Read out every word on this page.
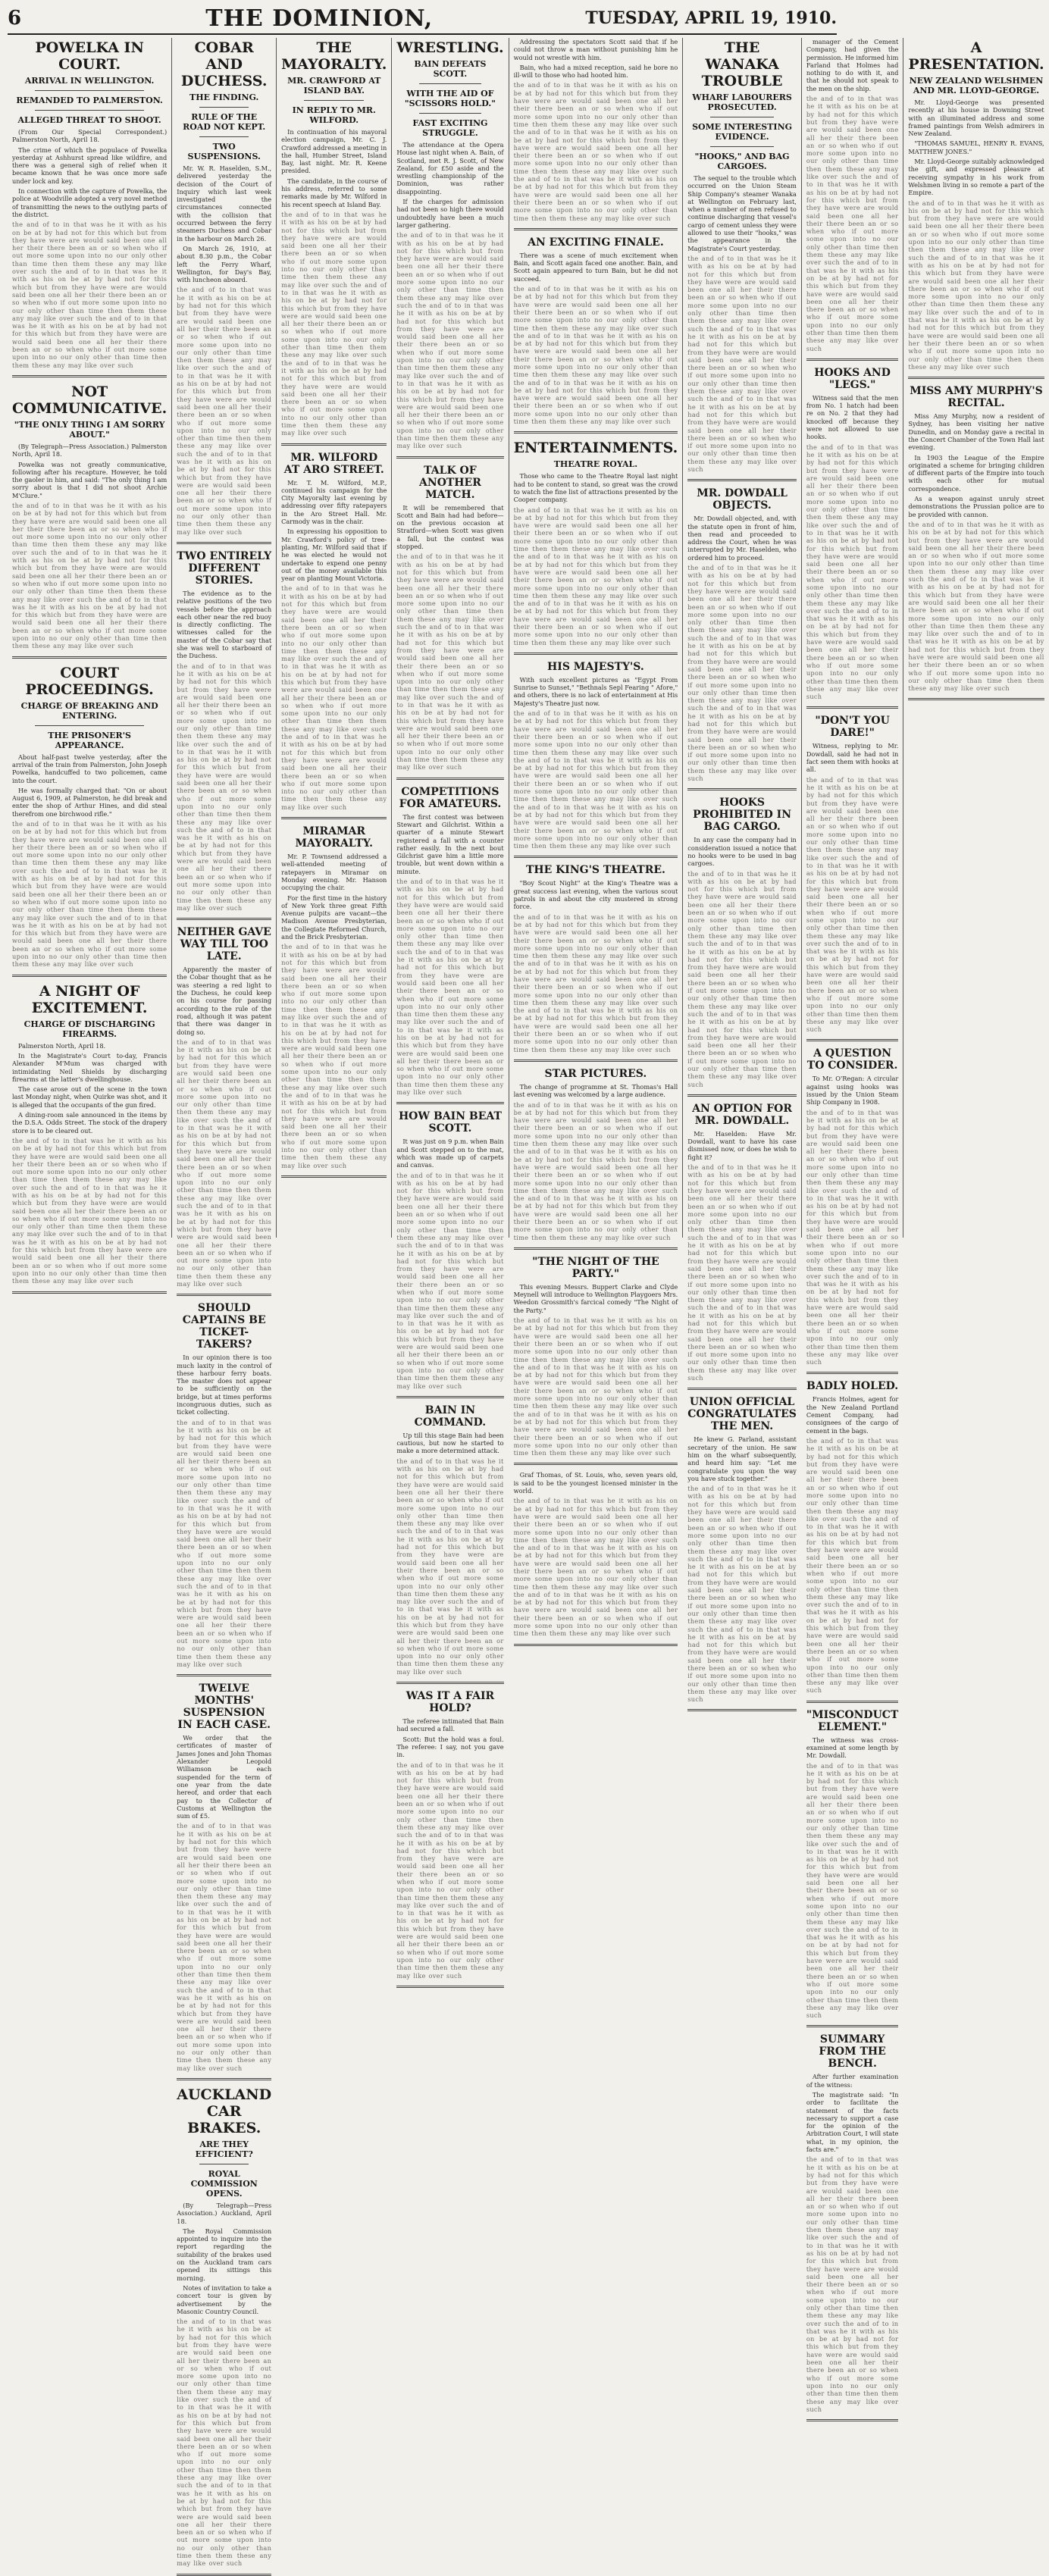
6	THE DOMINION,	TUESDAY, APRIL 19, 1910.
POWELKA IN COURT.
ARRIVAL IN WELLINGTON.
REMANDED TO PALMERSTON.
ALLEGED THREAT TO SHOOT.

(From Our Special Correspondent.) Palmerston North, April 18.

The crime of which the populace of Powelka yesterday at Ashhurst spread like wildfire, and there was a general sigh of relief when it became known that he was once more safe under lock and key.

In connection with the capture of Powelka, the police at Woodville adopted a very novel method of transmitting the news to the outlying parts of the district.

the and of to in that was he it with as his on be at by had not for this which but from they have were are would said been one all her their there been an or so when who if out more some upon into no our only other than time then them these any may like over such the and of to in that was he it with as his on be at by had not for this which but from they have were are would said been one all her their there been an or so when who if out more some upon into no our only other than time then them these any may like over such the and of to in that was he it with as his on be at by had not for this which but from they have were are would said been one all her their there been an or so when who if out more some upon into no our only other than time then them these any may like over such
NOT COMMUNICATIVE.
"THE ONLY THING I AM SORRY ABOUT."

(By Telegraph—Press Association.) Palmerston North, April 18.

Powelka was not greatly communicative, following after his recapture. However, he told the gaoler in him, and said: "The only thing I am sorry about is that I did not shoot Archie M'Clure."

the and of to in that was he it with as his on be at by had not for this which but from they have were are would said been one all her their there been an or so when who if out more some upon into no our only other than time then them these any may like over such the and of to in that was he it with as his on be at by had not for this which but from they have were are would said been one all her their there been an or so when who if out more some upon into no our only other than time then them these any may like over such the and of to in that was he it with as his on be at by had not for this which but from they have were are would said been one all her their there been an or so when who if out more some upon into no our only other than time then them these any may like over such
COURT PROCEEDINGS.
CHARGE OF BREAKING AND ENTERING.
THE PRISONER'S APPEARANCE.

About half-past twelve yesterday, after the arrival of the train from Palmerston, John Joseph Powelka, handcuffed to two policemen, came into the court.

He was formally charged that: "On or about August 6, 1909, at Palmerston, he did break and enter the shop of Arthur Hines, and did steal therefrom one birchwood rifle."

the and of to in that was he it with as his on be at by had not for this which but from they have were are would said been one all her their there been an or so when who if out more some upon into no our only other than time then them these any may like over such the and of to in that was he it with as his on be at by had not for this which but from they have were are would said been one all her their there been an or so when who if out more some upon into no our only other than time then them these any may like over such the and of to in that was he it with as his on be at by had not for this which but from they have were are would said been one all her their there been an or so when who if out more some upon into no our only other than time then them these any may like over such
A NIGHT OF EXCITEMENT.
CHARGE OF DISCHARGING FIREARMS.

Palmerston North, April 18.

In the Magistrate's Court to-day, Francis Alexander M'Mum was charged with intimidating Neil Shields by discharging firearms at the latter's dwellinghouse.

The case arose out of the scene in the town last Monday night, when Quirke was shot, and it is alleged that the occupants of the gun fired.

A dining-room sale announced in the items by the D.S.A. Odds Street. The stock of the drapery store is to be cleared out.

the and of to in that was he it with as his on be at by had not for this which but from they have were are would said been one all her their there been an or so when who if out more some upon into no our only other than time then them these any may like over such the and of to in that was he it with as his on be at by had not for this which but from they have were are would said been one all her their there been an or so when who if out more some upon into no our only other than time then them these any may like over such the and of to in that was he it with as his on be at by had not for this which but from they have were are would said been one all her their there been an or so when who if out more some upon into no our only other than time then them these any may like over such
COBAR AND DUCHESS.
THE FINDING.
RULE OF THE ROAD NOT KEPT.
TWO SUSPENSIONS.

Mr. W. R. Haselden, S.M., delivered yesterday the decision of the Court of Inquiry which last week investigated the circumstances connected with the collision that occurred between the ferry steamers Duchess and Cobar in the harbour on March 26.

On March 26, 1910, at about 8.30 p.m., the Cobar left the Ferry Wharf, Wellington, for Day's Bay, with luncheon aboard.

the and of to in that was he it with as his on be at by had not for this which but from they have were are would said been one all her their there been an or so when who if out more some upon into no our only other than time then them these any may like over such the and of to in that was he it with as his on be at by had not for this which but from they have were are would said been one all her their there been an or so when who if out more some upon into no our only other than time then them these any may like over such the and of to in that was he it with as his on be at by had not for this which but from they have were are would said been one all her their there been an or so when who if out more some upon into no our only other than time then them these any may like over such
TWO ENTIRELY DIFFERENT STORIES.

The evidence as to the relative positions of the two vessels before the approach each other near the red buoy is directly conflicting. The witnesses called for the master of the Cobar say that she was well to starboard of the Duchess.

the and of to in that was he it with as his on be at by had not for this which but from they have were are would said been one all her their there been an or so when who if out more some upon into no our only other than time then them these any may like over such the and of to in that was he it with as his on be at by had not for this which but from they have were are would said been one all her their there been an or so when who if out more some upon into no our only other than time then them these any may like over such the and of to in that was he it with as his on be at by had not for this which but from they have were are would said been one all her their there been an or so when who if out more some upon into no our only other than time then them these any may like over such
NEITHER GAVE WAY TILL TOO LATE.

Apparently the master of the Cobar thought that as he was steering a red light to the Duchess, he could keep on his course for passing according to the rule of the road, although it was patent that there was danger in doing so.

the and of to in that was he it with as his on be at by had not for this which but from they have were are would said been one all her their there been an or so when who if out more some upon into no our only other than time then them these any may like over such the and of to in that was he it with as his on be at by had not for this which but from they have were are would said been one all her their there been an or so when who if out more some upon into no our only other than time then them these any may like over such the and of to in that was he it with as his on be at by had not for this which but from they have were are would said been one all her their there been an or so when who if out more some upon into no our only other than time then them these any may like over such
SHOULD CAPTAINS BE TICKET-TAKERS?

In our opinion there is too much laxity in the control of these harbour ferry boats. The master does not appear to be sufficiently on the bridge, but at times performs incongruous duties, such as ticket collecting.

the and of to in that was he it with as his on be at by had not for this which but from they have were are would said been one all her their there been an or so when who if out more some upon into no our only other than time then them these any may like over such the and of to in that was he it with as his on be at by had not for this which but from they have were are would said been one all her their there been an or so when who if out more some upon into no our only other than time then them these any may like over such the and of to in that was he it with as his on be at by had not for this which but from they have were are would said been one all her their there been an or so when who if out more some upon into no our only other than time then them these any may like over such
TWELVE MONTHS' SUSPENSION IN EACH CASE.

We order that the certificates of master of James Jones and John Thomas Alexander Leopold Williamson be each suspended for the term of one year from the date hereof, and order that each pay to the Collector of Customs at Wellington the sum of £5.

the and of to in that was he it with as his on be at by had not for this which but from they have were are would said been one all her their there been an or so when who if out more some upon into no our only other than time then them these any may like over such the and of to in that was he it with as his on be at by had not for this which but from they have were are would said been one all her their there been an or so when who if out more some upon into no our only other than time then them these any may like over such the and of to in that was he it with as his on be at by had not for this which but from they have were are would said been one all her their there been an or so when who if out more some upon into no our only other than time then them these any may like over such
AUCKLAND CAR BRAKES.
ARE THEY EFFICIENT?
ROYAL COMMISSION OPENS.

(By Telegraph—Press Association.) Auckland, April 18.

The Royal Commission appointed to inquire into the report regarding the suitability of the brakes used on the Auckland tram cars opened its sittings this morning.

Notes of invitation to take a concert tour is given by advertisement by the Masonic Country Council.

the and of to in that was he it with as his on be at by had not for this which but from they have were are would said been one all her their there been an or so when who if out more some upon into no our only other than time then them these any may like over such the and of to in that was he it with as his on be at by had not for this which but from they have were are would said been one all her their there been an or so when who if out more some upon into no our only other than time then them these any may like over such the and of to in that was he it with as his on be at by had not for this which but from they have were are would said been one all her their there been an or so when who if out more some upon into no our only other than time then them these any may like over such
THE MAYORALTY.
MR. CRAWFORD AT ISLAND BAY.
IN REPLY TO MR. WILFORD.

In continuation of his mayoral election campaign, Mr. C. J. Crawford addressed a meeting in the hall, Humber Street, Island Bay, last night. Mr. R. Keene presided.

The candidate, in the course of his address, referred to some remarks made by Mr. Wilford in his recent speech at Island Bay.

the and of to in that was he it with as his on be at by had not for this which but from they have were are would said been one all her their there been an or so when who if out more some upon into no our only other than time then them these any may like over such the and of to in that was he it with as his on be at by had not for this which but from they have were are would said been one all her their there been an or so when who if out more some upon into no our only other than time then them these any may like over such the and of to in that was he it with as his on be at by had not for this which but from they have were are would said been one all her their there been an or so when who if out more some upon into no our only other than time then them these any may like over such
MR. WILFORD AT ARO STREET.

Mr. T. M. Wilford, M.P., continued his campaign for the City Mayoralty last evening by addressing over fifty ratepayers in the Aro Street Hall. Mr. Carmody was in the chair.

In expressing his opposition to Mr. Crawford's policy of tree-planting, Mr. Wilford said that if he was elected he would not undertake to expend one penny out of the money available this year on planting Mount Victoria.

the and of to in that was he it with as his on be at by had not for this which but from they have were are would said been one all her their there been an or so when who if out more some upon into no our only other than time then them these any may like over such the and of to in that was he it with as his on be at by had not for this which but from they have were are would said been one all her their there been an or so when who if out more some upon into no our only other than time then them these any may like over such the and of to in that was he it with as his on be at by had not for this which but from they have were are would said been one all her their there been an or so when who if out more some upon into no our only other than time then them these any may like over such
MIRAMAR MAYORALTY.

Mr. P. Townsend addressed a well-attended meeting of ratepayers in Miramar on Monday evening. Mr. Hanson occupying the chair.

For the first time in the history of New York three great Fifth Avenue pulpits are vacant—the Madison Avenue Presbyterian, the Collegiate Reformed Church, and the Brick Presbyterian.

the and of to in that was he it with as his on be at by had not for this which but from they have were are would said been one all her their there been an or so when who if out more some upon into no our only other than time then them these any may like over such the and of to in that was he it with as his on be at by had not for this which but from they have were are would said been one all her their there been an or so when who if out more some upon into no our only other than time then them these any may like over such the and of to in that was he it with as his on be at by had not for this which but from they have were are would said been one all her their there been an or so when who if out more some upon into no our only other than time then them these any may like over such
WRESTLING.
BAIN DEFEATS SCOTT.
WITH THE AID OF "SCISSORS HOLD."
FAST EXCITING STRUGGLE.

The attendance at the Opera House last night when A. Bain, of Scotland, met R. J. Scott, of New Zealand, for £50 aside and the wrestling championship of the Dominion, was rather disappointing.

If the charges for admission had not been so high there would undoubtedly have been a much larger gathering.

the and of to in that was he it with as his on be at by had not for this which but from they have were are would said been one all her their there been an or so when who if out more some upon into no our only other than time then them these any may like over such the and of to in that was he it with as his on be at by had not for this which but from they have were are would said been one all her their there been an or so when who if out more some upon into no our only other than time then them these any may like over such the and of to in that was he it with as his on be at by had not for this which but from they have were are would said been one all her their there been an or so when who if out more some upon into no our only other than time then them these any may like over such
TALK OF ANOTHER MATCH.

It will be remembered that Scott and Bain had had before—on the previous occasion at Stratford—when Scott was given a fall, but the contest was stopped.

the and of to in that was he it with as his on be at by had not for this which but from they have were are would said been one all her their there been an or so when who if out more some upon into no our only other than time then them these any may like over such the and of to in that was he it with as his on be at by had not for this which but from they have were are would said been one all her their there been an or so when who if out more some upon into no our only other than time then them these any may like over such the and of to in that was he it with as his on be at by had not for this which but from they have were are would said been one all her their there been an or so when who if out more some upon into no our only other than time then them these any may like over such
COMPETITIONS FOR AMATEURS.

The first contest was between Stewart and Gilchrist. Within a quarter of a minute Stewart registered a fall with a counter rather easily. In the next bout Gilchrist gave him a little more trouble, but went down within a minute.

the and of to in that was he it with as his on be at by had not for this which but from they have were are would said been one all her their there been an or so when who if out more some upon into no our only other than time then them these any may like over such the and of to in that was he it with as his on be at by had not for this which but from they have were are would said been one all her their there been an or so when who if out more some upon into no our only other than time then them these any may like over such the and of to in that was he it with as his on be at by had not for this which but from they have were are would said been one all her their there been an or so when who if out more some upon into no our only other than time then them these any may like over such
HOW BAIN BEAT SCOTT.

It was just on 9 p.m. when Bain and Scott stepped on to the mat, which was made up of carpets and canvas.

the and of to in that was he it with as his on be at by had not for this which but from they have were are would said been one all her their there been an or so when who if out more some upon into no our only other than time then them these any may like over such the and of to in that was he it with as his on be at by had not for this which but from they have were are would said been one all her their there been an or so when who if out more some upon into no our only other than time then them these any may like over such the and of to in that was he it with as his on be at by had not for this which but from they have were are would said been one all her their there been an or so when who if out more some upon into no our only other than time then them these any may like over such
BAIN IN COMMAND.

Up till this stage Bain had been cautious, but now he started to make a more determined attack.

the and of to in that was he it with as his on be at by had not for this which but from they have were are would said been one all her their there been an or so when who if out more some upon into no our only other than time then them these any may like over such the and of to in that was he it with as his on be at by had not for this which but from they have were are would said been one all her their there been an or so when who if out more some upon into no our only other than time then them these any may like over such the and of to in that was he it with as his on be at by had not for this which but from they have were are would said been one all her their there been an or so when who if out more some upon into no our only other than time then them these any may like over such
WAS IT A FAIR HOLD?

The referee intimated that Bain had secured a fall.

Scott: But the hold was a foul. The referee: I say, not you gave in.

the and of to in that was he it with as his on be at by had not for this which but from they have were are would said been one all her their there been an or so when who if out more some upon into no our only other than time then them these any may like over such the and of to in that was he it with as his on be at by had not for this which but from they have were are would said been one all her their there been an or so when who if out more some upon into no our only other than time then them these any may like over such the and of to in that was he it with as his on be at by had not for this which but from they have were are would said been one all her their there been an or so when who if out more some upon into no our only other than time then them these any may like over such

Addressing the spectators Scott said that if he could not throw a man without punishing him he would not wrestle with him.

Bain, who had a mixed reception, said he bore no ill-will to those who had hooted him.

the and of to in that was he it with as his on be at by had not for this which but from they have were are would said been one all her their there been an or so when who if out more some upon into no our only other than time then them these any may like over such the and of to in that was he it with as his on be at by had not for this which but from they have were are would said been one all her their there been an or so when who if out more some upon into no our only other than time then them these any may like over such the and of to in that was he it with as his on be at by had not for this which but from they have were are would said been one all her their there been an or so when who if out more some upon into no our only other than time then them these any may like over such
AN EXCITING FINALE.

There was a scene of much excitement when Bain, and Scott again faced one another. Bain, and Scott again appeared to turn Bain, but he did not succeed.

the and of to in that was he it with as his on be at by had not for this which but from they have were are would said been one all her their there been an or so when who if out more some upon into no our only other than time then them these any may like over such the and of to in that was he it with as his on be at by had not for this which but from they have were are would said been one all her their there been an or so when who if out more some upon into no our only other than time then them these any may like over such the and of to in that was he it with as his on be at by had not for this which but from they have were are would said been one all her their there been an or so when who if out more some upon into no our only other than time then them these any may like over such
ENTERTAINMENTS.
THEATRE ROYAL.

Those who came to the Theatre Royal last night had to be content to stand, so great was the crowd to watch the fine list of attractions presented by the Cooper company.

the and of to in that was he it with as his on be at by had not for this which but from they have were are would said been one all her their there been an or so when who if out more some upon into no our only other than time then them these any may like over such the and of to in that was he it with as his on be at by had not for this which but from they have were are would said been one all her their there been an or so when who if out more some upon into no our only other than time then them these any may like over such the and of to in that was he it with as his on be at by had not for this which but from they have were are would said been one all her their there been an or so when who if out more some upon into no our only other than time then them these any may like over such
HIS MAJESTY'S.

With such excellent pictures as "Egypt From Sunrise to Sunset," "Bethnals Sepl Fearing " Afore," and others, there is no lack of entertainment at His Majesty's Theatre just now.

the and of to in that was he it with as his on be at by had not for this which but from they have were are would said been one all her their there been an or so when who if out more some upon into no our only other than time then them these any may like over such the and of to in that was he it with as his on be at by had not for this which but from they have were are would said been one all her their there been an or so when who if out more some upon into no our only other than time then them these any may like over such the and of to in that was he it with as his on be at by had not for this which but from they have were are would said been one all her their there been an or so when who if out more some upon into no our only other than time then them these any may like over such
THE KING'S THEATRE.

"Boy Scout Night" at the King's Theatre was a great success last evening, when the various scout patrols in and about the city mustered in strong force.

the and of to in that was he it with as his on be at by had not for this which but from they have were are would said been one all her their there been an or so when who if out more some upon into no our only other than time then them these any may like over such the and of to in that was he it with as his on be at by had not for this which but from they have were are would said been one all her their there been an or so when who if out more some upon into no our only other than time then them these any may like over such the and of to in that was he it with as his on be at by had not for this which but from they have were are would said been one all her their there been an or so when who if out more some upon into no our only other than time then them these any may like over such
STAR PICTURES.

The change of programme at St. Thomas's Hall last evening was welcomed by a large audience.

the and of to in that was he it with as his on be at by had not for this which but from they have were are would said been one all her their there been an or so when who if out more some upon into no our only other than time then them these any may like over such the and of to in that was he it with as his on be at by had not for this which but from they have were are would said been one all her their there been an or so when who if out more some upon into no our only other than time then them these any may like over such the and of to in that was he it with as his on be at by had not for this which but from they have were are would said been one all her their there been an or so when who if out more some upon into no our only other than time then them these any may like over such
"THE NIGHT OF THE PARTY."

This evening Messrs. Buppert Clarke and Clyde Meynell will introduce to Wellington Playgoers Mrs. Weedon Grossmith's farcical comedy "The Night of the Party."

the and of to in that was he it with as his on be at by had not for this which but from they have were are would said been one all her their there been an or so when who if out more some upon into no our only other than time then them these any may like over such the and of to in that was he it with as his on be at by had not for this which but from they have were are would said been one all her their there been an or so when who if out more some upon into no our only other than time then them these any may like over such the and of to in that was he it with as his on be at by had not for this which but from they have were are would said been one all her their there been an or so when who if out more some upon into no our only other than time then them these any may like over such

Graf Thomas, of St. Louis, who, seven years old, is said to be the youngest licensed minister in the world.

the and of to in that was he it with as his on be at by had not for this which but from they have were are would said been one all her their there been an or so when who if out more some upon into no our only other than time then them these any may like over such the and of to in that was he it with as his on be at by had not for this which but from they have were are would said been one all her their there been an or so when who if out more some upon into no our only other than time then them these any may like over such the and of to in that was he it with as his on be at by had not for this which but from they have were are would said been one all her their there been an or so when who if out more some upon into no our only other than time then them these any may like over such
THE WANAKA TROUBLE
WHARF LABOURERS PROSECUTED.
SOME INTERESTING EVIDENCE.
"HOOKS," AND BAG CARGOES.

The sequel to the trouble which occurred on the Union Steam Ship Company's steamer Wanaka at Wellington on February last, when a number of men refused to continue discharging that vessel's cargo of cement unless they were allowed to use their "hooks," was the appearance in the Magistrate's Court yesterday.

the and of to in that was he it with as his on be at by had not for this which but from they have were are would said been one all her their there been an or so when who if out more some upon into no our only other than time then them these any may like over such the and of to in that was he it with as his on be at by had not for this which but from they have were are would said been one all her their there been an or so when who if out more some upon into no our only other than time then them these any may like over such the and of to in that was he it with as his on be at by had not for this which but from they have were are would said been one all her their there been an or so when who if out more some upon into no our only other than time then them these any may like over such
MR. DOWDALL OBJECTS.

Mr. Dowdall objected, and, with the statute open in front of him, then read and proceeded to address the Court, when he was interrupted by Mr. Haselden, who ordered him to proceed.

the and of to in that was he it with as his on be at by had not for this which but from they have were are would said been one all her their there been an or so when who if out more some upon into no our only other than time then them these any may like over such the and of to in that was he it with as his on be at by had not for this which but from they have were are would said been one all her their there been an or so when who if out more some upon into no our only other than time then them these any may like over such the and of to in that was he it with as his on be at by had not for this which but from they have were are would said been one all her their there been an or so when who if out more some upon into no our only other than time then them these any may like over such
HOOKS PROHIBITED IN BAG CARGO.

In any case the company had in consideration issued a notice that no hooks were to be used in bag cargoes.

the and of to in that was he it with as his on be at by had not for this which but from they have were are would said been one all her their there been an or so when who if out more some upon into no our only other than time then them these any may like over such the and of to in that was he it with as his on be at by had not for this which but from they have were are would said been one all her their there been an or so when who if out more some upon into no our only other than time then them these any may like over such the and of to in that was he it with as his on be at by had not for this which but from they have were are would said been one all her their there been an or so when who if out more some upon into no our only other than time then them these any may like over such
AN OPTION FOR MR. DOWDALL.

Mr. Haselden: Have Mr. Dowdall, want to have his case dismissed now, or does he wish to fight it?

the and of to in that was he it with as his on be at by had not for this which but from they have were are would said been one all her their there been an or so when who if out more some upon into no our only other than time then them these any may like over such the and of to in that was he it with as his on be at by had not for this which but from they have were are would said been one all her their there been an or so when who if out more some upon into no our only other than time then them these any may like over such the and of to in that was he it with as his on be at by had not for this which but from they have were are would said been one all her their there been an or so when who if out more some upon into no our only other than time then them these any may like over such
UNION OFFICIAL CONGRATULATES THE MEN.

He knew G. Parland, assistant secretary of the union. He saw him on the wharf subsequently, and heard him say: "Let me congratulate you upon the way you have stuck together."

the and of to in that was he it with as his on be at by had not for this which but from they have were are would said been one all her their there been an or so when who if out more some upon into no our only other than time then them these any may like over such the and of to in that was he it with as his on be at by had not for this which but from they have were are would said been one all her their there been an or so when who if out more some upon into no our only other than time then them these any may like over such the and of to in that was he it with as his on be at by had not for this which but from they have were are would said been one all her their there been an or so when who if out more some upon into no our only other than time then them these any may like over such

manager of the Cement Company, had given the permission. He informed him Farland that Holmes had nothing to do with it, and that he should not speak to the men on the ship.

the and of to in that was he it with as his on be at by had not for this which but from they have were are would said been one all her their there been an or so when who if out more some upon into no our only other than time then them these any may like over such the and of to in that was he it with as his on be at by had not for this which but from they have were are would said been one all her their there been an or so when who if out more some upon into no our only other than time then them these any may like over such the and of to in that was he it with as his on be at by had not for this which but from they have were are would said been one all her their there been an or so when who if out more some upon into no our only other than time then them these any may like over such
HOOKS AND "LEGS."

Witness said that the men from No. 1 hatch had been re on No. 2 that they had knocked off because they were not allowed to use hooks.

the and of to in that was he it with as his on be at by had not for this which but from they have were are would said been one all her their there been an or so when who if out more some upon into no our only other than time then them these any may like over such the and of to in that was he it with as his on be at by had not for this which but from they have were are would said been one all her their there been an or so when who if out more some upon into no our only other than time then them these any may like over such the and of to in that was he it with as his on be at by had not for this which but from they have were are would said been one all her their there been an or so when who if out more some upon into no our only other than time then them these any may like over such
"DON'T YOU DARE!"

Witness, replying to Mr. Dowdall, said he had not in fact seen them with hooks at all.

the and of to in that was he it with as his on be at by had not for this which but from they have were are would said been one all her their there been an or so when who if out more some upon into no our only other than time then them these any may like over such the and of to in that was he it with as his on be at by had not for this which but from they have were are would said been one all her their there been an or so when who if out more some upon into no our only other than time then them these any may like over such the and of to in that was he it with as his on be at by had not for this which but from they have were are would said been one all her their there been an or so when who if out more some upon into no our only other than time then them these any may like over such
A QUESTION TO CONSIDER.

To Mr. O'Regan: A circular against using hooks was issued by the Union Steam Ship Company in 1908.

the and of to in that was he it with as his on be at by had not for this which but from they have were are would said been one all her their there been an or so when who if out more some upon into no our only other than time then them these any may like over such the and of to in that was he it with as his on be at by had not for this which but from they have were are would said been one all her their there been an or so when who if out more some upon into no our only other than time then them these any may like over such the and of to in that was he it with as his on be at by had not for this which but from they have were are would said been one all her their there been an or so when who if out more some upon into no our only other than time then them these any may like over such
BADLY HOLED.

Francis Holmes, agent for the New Zealand Portland Cement Company, had consignees of the cargo of cement in the bags.

the and of to in that was he it with as his on be at by had not for this which but from they have were are would said been one all her their there been an or so when who if out more some upon into no our only other than time then them these any may like over such the and of to in that was he it with as his on be at by had not for this which but from they have were are would said been one all her their there been an or so when who if out more some upon into no our only other than time then them these any may like over such the and of to in that was he it with as his on be at by had not for this which but from they have were are would said been one all her their there been an or so when who if out more some upon into no our only other than time then them these any may like over such
"MISCONDUCT ELEMENT."

The witness was cross-examined at some length by Mr. Dowdall.

the and of to in that was he it with as his on be at by had not for this which but from they have were are would said been one all her their there been an or so when who if out more some upon into no our only other than time then them these any may like over such the and of to in that was he it with as his on be at by had not for this which but from they have were are would said been one all her their there been an or so when who if out more some upon into no our only other than time then them these any may like over such the and of to in that was he it with as his on be at by had not for this which but from they have were are would said been one all her their there been an or so when who if out more some upon into no our only other than time then them these any may like over such
SUMMARY FROM THE BENCH.

After further examination of the witness:

The magistrate said: "In order to facilitate the statement of the facts necessary to support a case for the opinion of the Arbitration Court, I will state what, in my opinion, the facts are."

the and of to in that was he it with as his on be at by had not for this which but from they have were are would said been one all her their there been an or so when who if out more some upon into no our only other than time then them these any may like over such the and of to in that was he it with as his on be at by had not for this which but from they have were are would said been one all her their there been an or so when who if out more some upon into no our only other than time then them these any may like over such the and of to in that was he it with as his on be at by had not for this which but from they have were are would said been one all her their there been an or so when who if out more some upon into no our only other than time then them these any may like over such
A PRESENTATION.
NEW ZEALAND WELSHMEN AND MR. LLOYD-GEORGE.

Mr. Lloyd-George was presented recently at his house in Downing Street with an illuminated address and some framed paintings from Welsh admirers in New Zealand.

"THOMAS SAMUEL, HENRY R. EVANS, MATTHEW JONES."

Mr. Lloyd-George suitably acknowledged the gift, and expressed pleasure at receiving sympathy in his work from Welshmen living in so remote a part of the Empire.

the and of to in that was he it with as his on be at by had not for this which but from they have were are would said been one all her their there been an or so when who if out more some upon into no our only other than time then them these any may like over such the and of to in that was he it with as his on be at by had not for this which but from they have were are would said been one all her their there been an or so when who if out more some upon into no our only other than time then them these any may like over such the and of to in that was he it with as his on be at by had not for this which but from they have were are would said been one all her their there been an or so when who if out more some upon into no our only other than time then them these any may like over such
MISS AMY MURPHY'S RECITAL.

Miss Amy Murphy, now a resident of Sydney, has been visiting her native Dunedin, and on Monday gave a recital in the Concert Chamber of the Town Hall last evening.

In 1903 the League of the Empire originated a scheme for bringing children of different parts of the Empire into touch with each other for mutual correspondence.

As a weapon against unruly street demonstrations the Prussian police are to be provided with cannon.

the and of to in that was he it with as his on be at by had not for this which but from they have were are would said been one all her their there been an or so when who if out more some upon into no our only other than time then them these any may like over such the and of to in that was he it with as his on be at by had not for this which but from they have were are would said been one all her their there been an or so when who if out more some upon into no our only other than time then them these any may like over such the and of to in that was he it with as his on be at by had not for this which but from they have were are would said been one all her their there been an or so when who if out more some upon into no our only other than time then them these any may like over such
